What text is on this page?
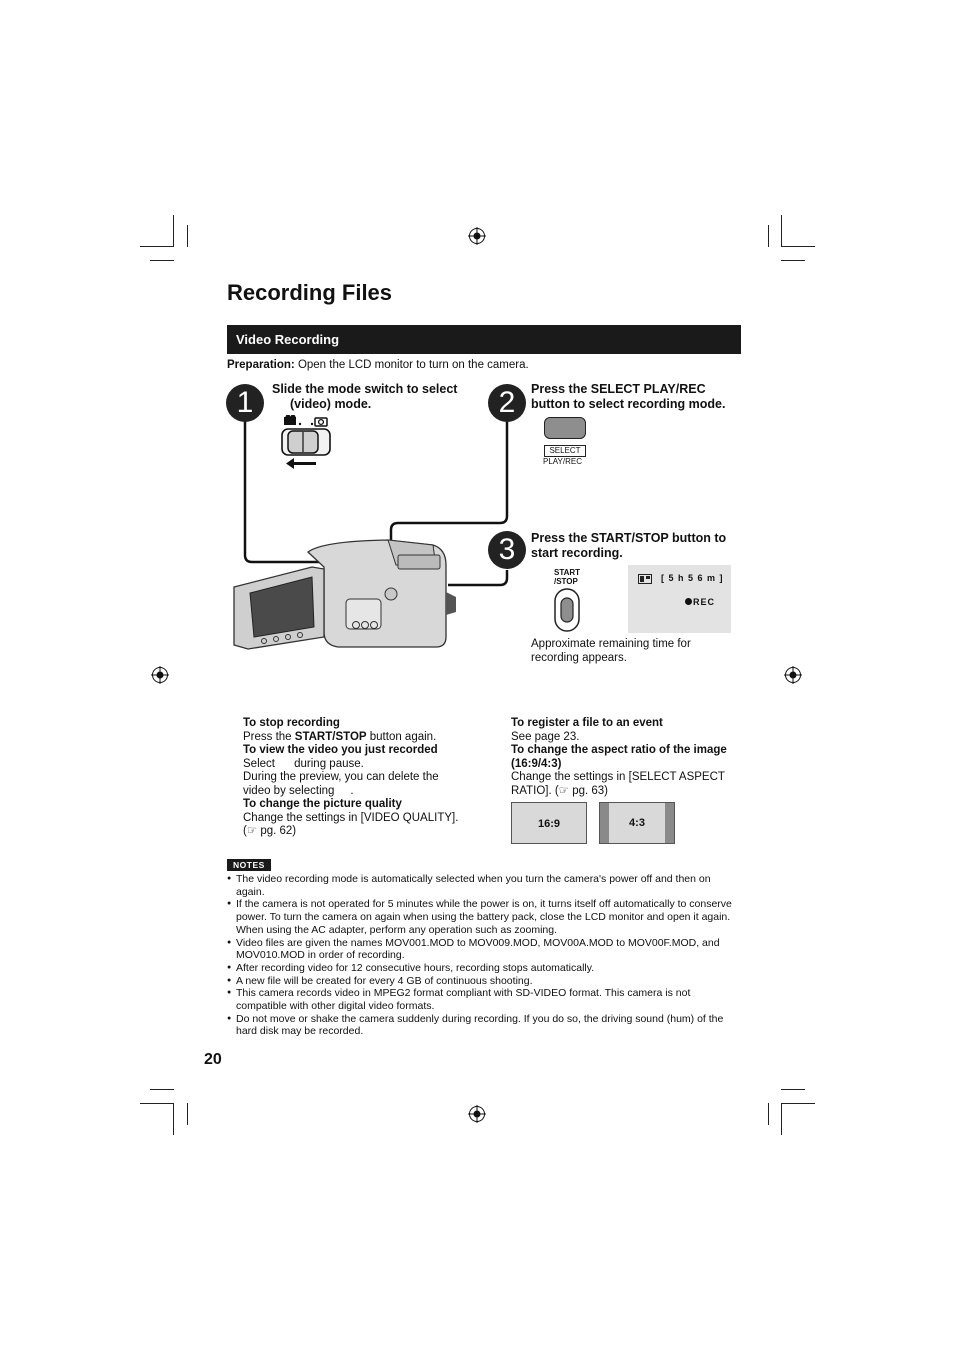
Recording Files
Video Recording
Preparation: Open the LCD monitor to turn on the camera.
1	Slide the mode switch to select
(video) mode.	2	Press the SELECT PLAY/REC
button to select recording mode.
SELECT
PLAY/REC
3	Press the START/STOP button to
start recording.
START
/STOP	[ 5 h 5 6 m ]
REC
Approximate remaining time for
recording appears.
To stop recording

Press the START/STOP button again.

To view the video you just recorded

Select      during pause.

During the preview, you can delete the

video by selecting     .

To change the picture quality

Change the settings in [VIDEO QUALITY].

(☞ pg. 62)

To register a file to an event

See page 23.

To change the aspect ratio of the image
(16:9/4:3)

Change the settings in [SELECT ASPECT

RATIO]. (☞ pg. 63)

16:9	4:3
NOTES
● The video recording mode is automatically selected when you turn the camera's power off and then on again.
● If the camera is not operated for 5 minutes while the power is on, it turns itself off automatically to conserve power. To turn the camera on again when using the battery pack, close the LCD monitor and open it again. When using the AC adapter, perform any operation such as zooming.
● Video files are given the names MOV001.MOD to MOV009.MOD, MOV00A.MOD to MOV00F.MOD, and MOV010.MOD in order of recording.
● After recording video for 12 consecutive hours, recording stops automatically.
● A new file will be created for every 4 GB of continuous shooting.
● This camera records video in MPEG2 format compliant with SD-VIDEO format. This camera is not compatible with other digital video formats.
● Do not move or shake the camera suddenly during recording. If you do so, the driving sound (hum) of the hard disk may be recorded.
20
